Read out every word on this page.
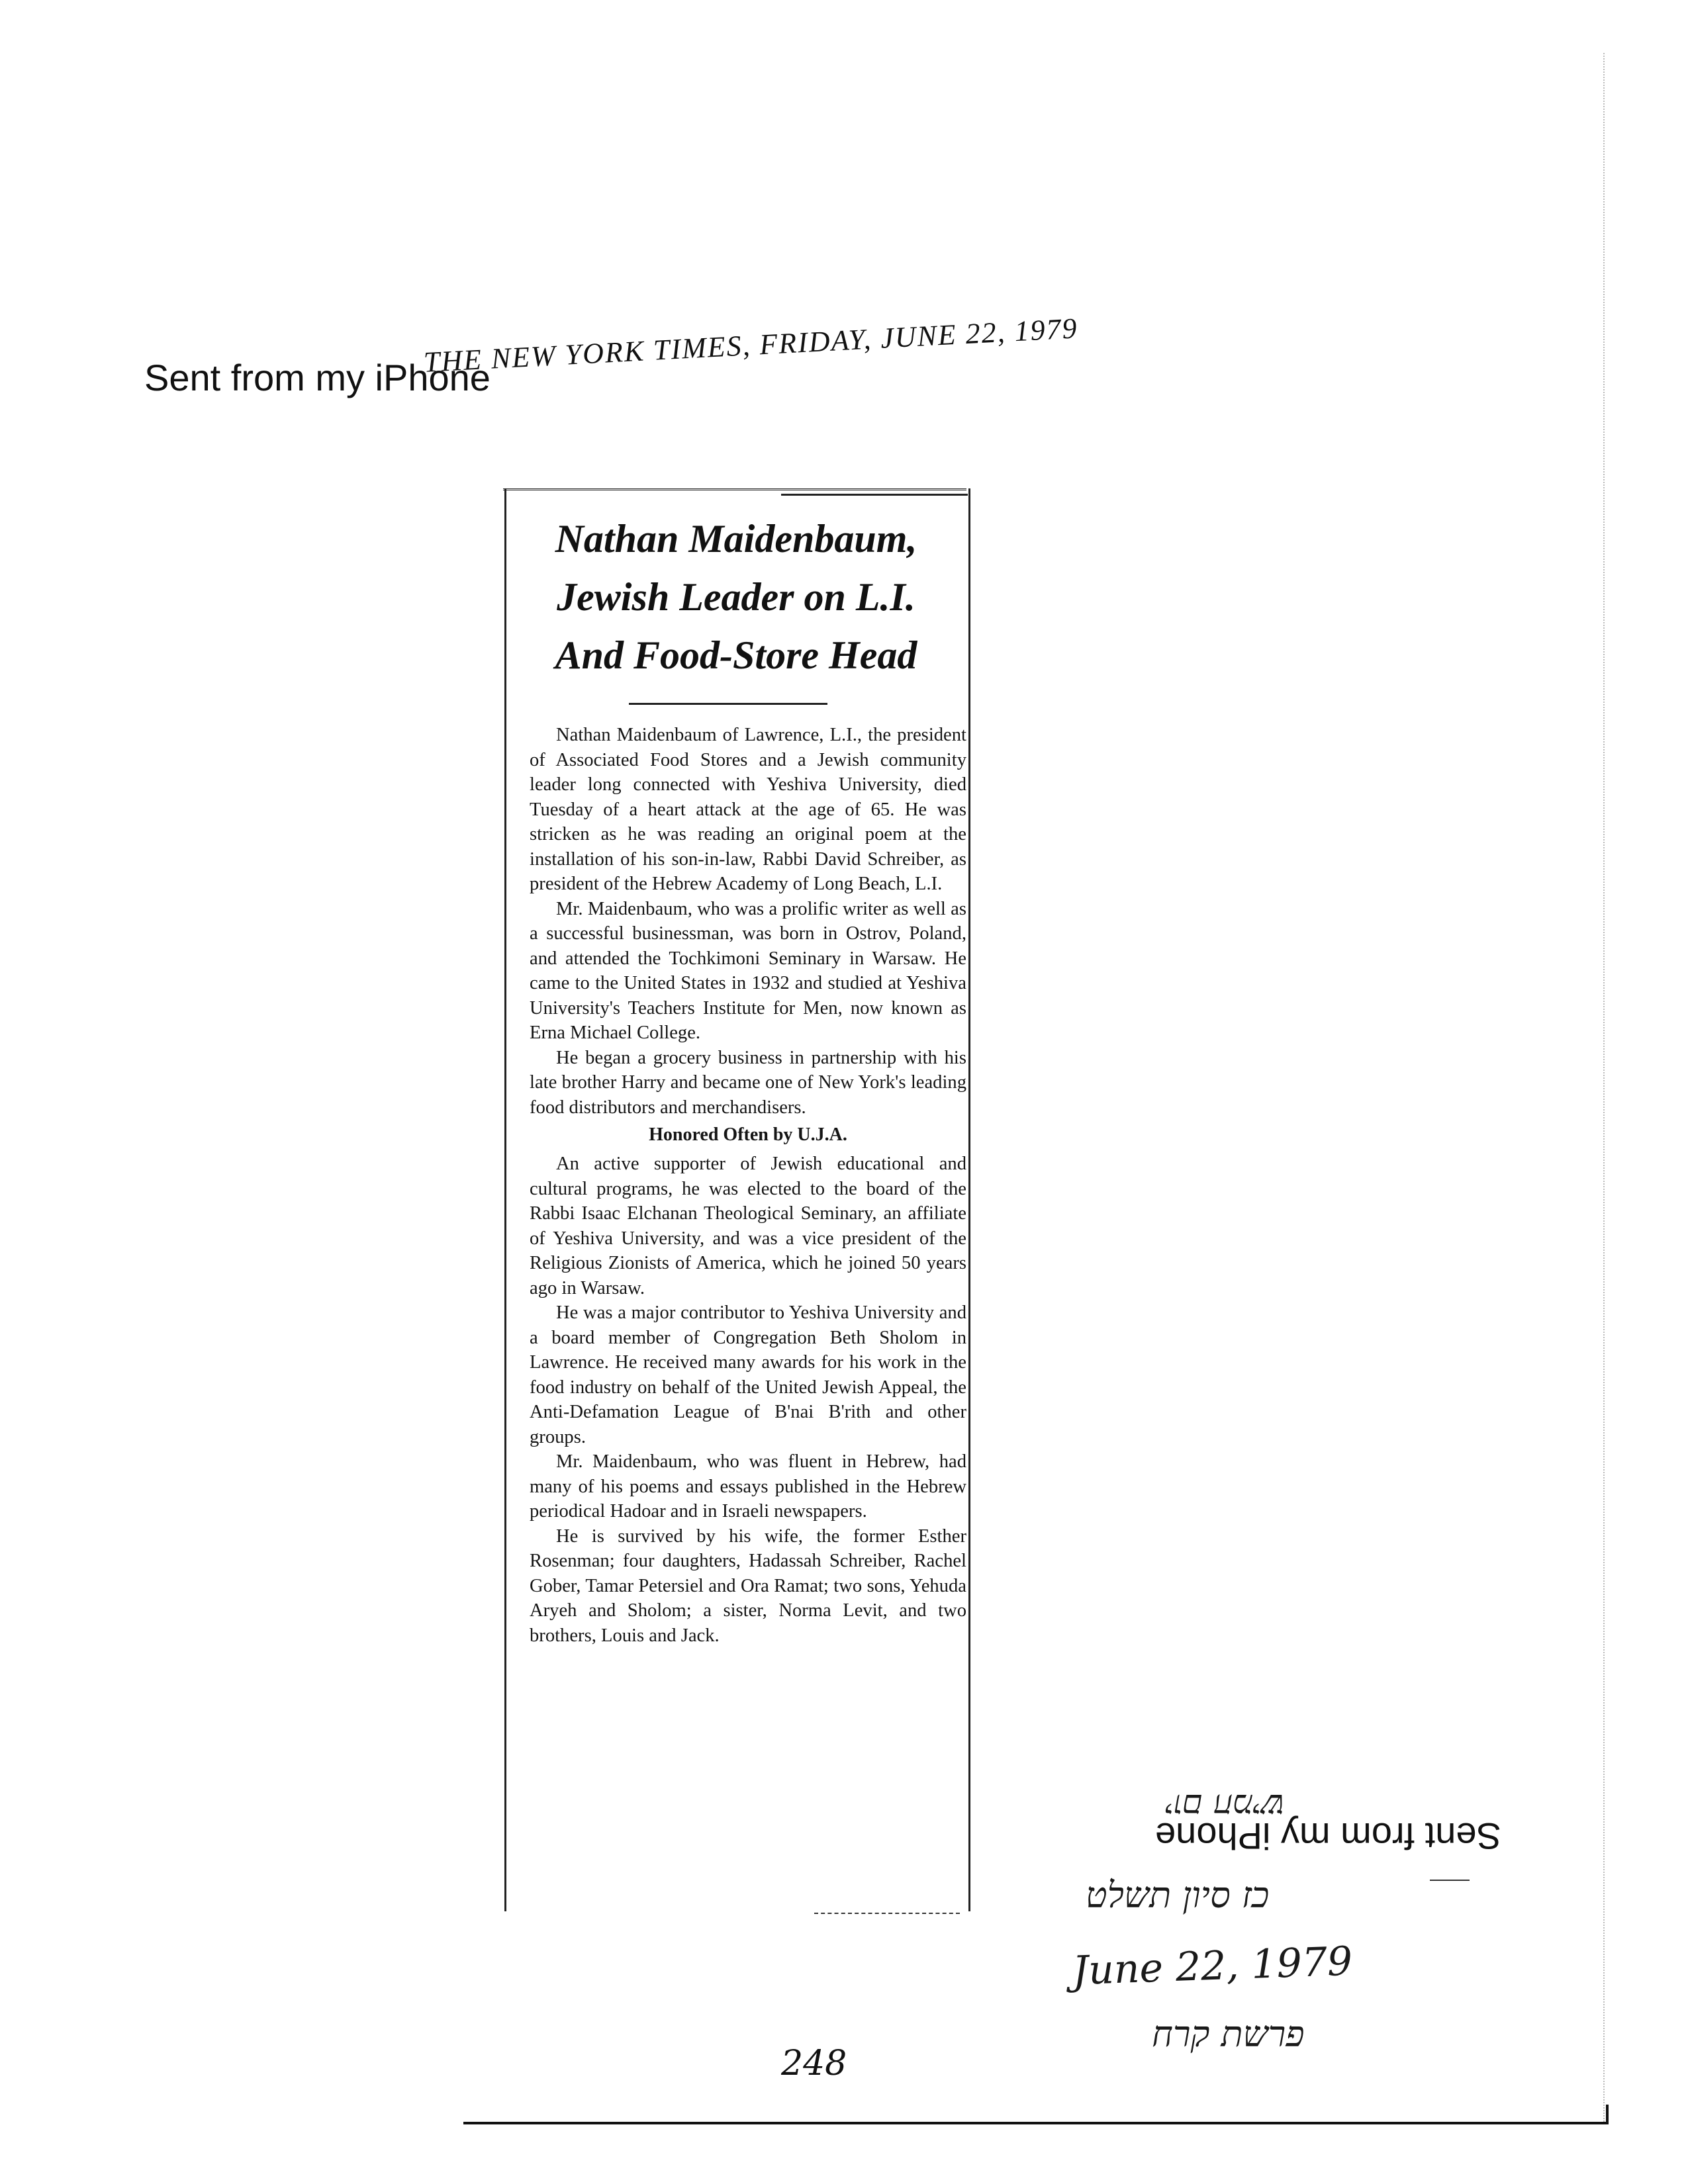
Sent from my iPhone
THE NEW YORK TIMES, FRIDAY, JUNE 22, 1979
Nathan Maidenbaum,
Jewish Leader on L.I.
And Food-Store Head

Nathan Maidenbaum of Lawrence, L.I., the president of Associated Food Stores and a Jewish community leader long connected with Yeshiva University, died Tuesday of a heart attack at the age of 65. He was stricken as he was reading an original poem at the installation of his son-in-law, Rabbi David Schreiber, as president of the Hebrew Academy of Long Beach, L.I.

Mr. Maidenbaum, who was a prolific writer as well as a successful businessman, was born in Ostrov, Poland, and attended the Tochkimoni Seminary in Warsaw. He came to the United States in 1932 and studied at Yeshiva University's Teachers Institute for Men, now known as Erna Michael College.

He began a grocery business in partnership with his late brother Harry and became one of New York's leading food distributors and merchandisers.

Honored Often by U.J.A.

An active supporter of Jewish educational and cultural programs, he was elected to the board of the Rabbi Isaac Elchanan Theological Seminary, an affiliate of Yeshiva University, and was a vice president of the Religious Zionists of America, which he joined 50 years ago in Warsaw.

He was a major contributor to Yeshiva University and a board member of Congregation Beth Sholom in Lawrence. He received many awards for his work in the food industry on behalf of the United Jewish Appeal, the Anti-Defamation League of B'nai B'rith and other groups.

Mr. Maidenbaum, who was fluent in Hebrew, had many of his poems and essays published in the Hebrew periodical Hadoar and in Israeli newspapers.

He is survived by his wife, the former Esther Rosenman; four daughters, Hadassah Schreiber, Rachel Gober, Tamar Petersiel and Ora Ramat; two sons, Yehuda Aryeh and Sholom; a sister, Norma Levit, and two brothers, Louis and Jack.

יום חמיש
Sent from my iPhone
כז סיון תשלט
June 22, 1979
פרשת קרח
248
